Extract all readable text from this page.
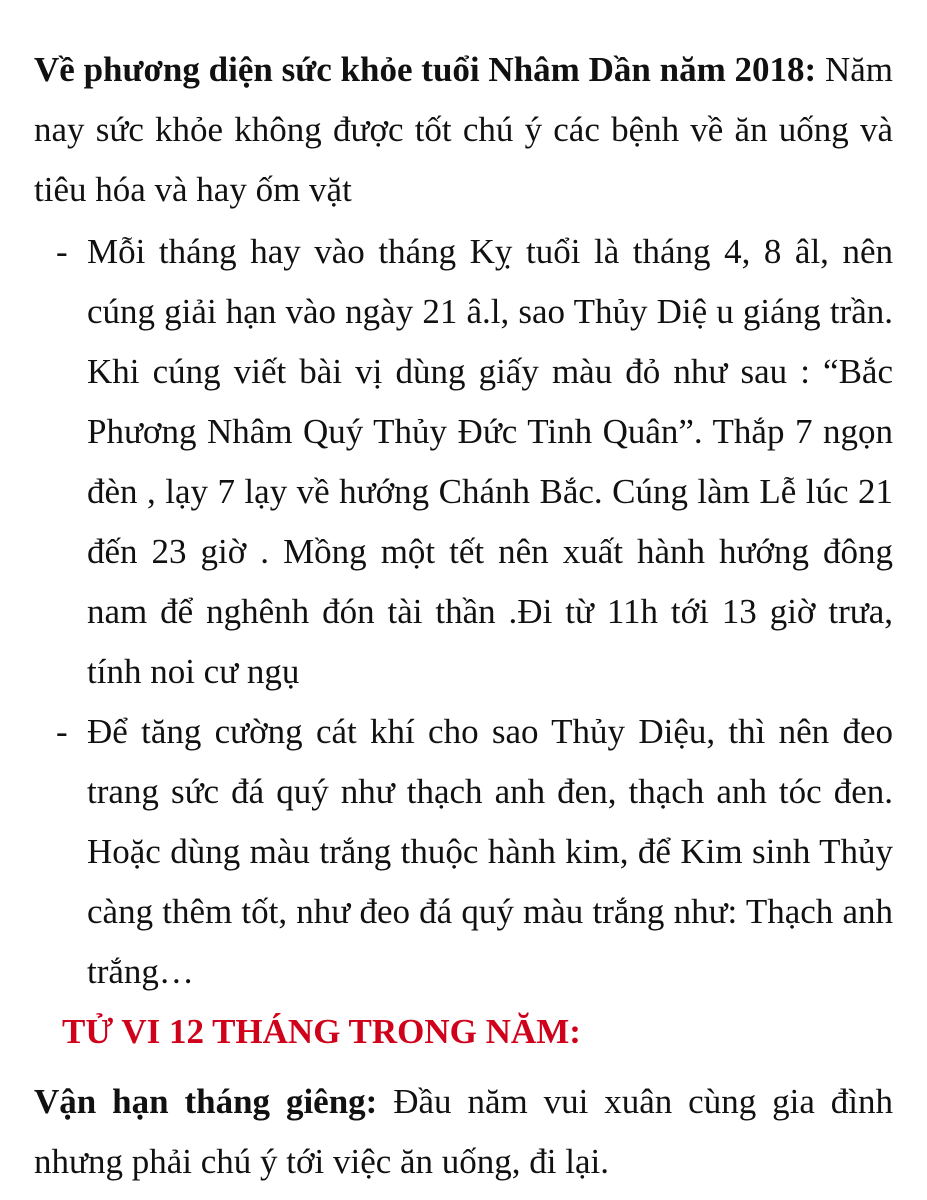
Về phương diện sức khỏe tuổi Nhâm Dần năm 2018: Năm nay sức khỏe không được tốt chú ý các bệnh về ăn uống và tiêu hóa và hay ốm vặt

- Mỗi tháng hay vào tháng Kỵ tuổi là tháng 4, 8 âl, nên cúng giải hạn vào ngày 21 â.l, sao Thủy Diệ u giáng trần. Khi cúng viết bài vị dùng giấy màu đỏ như sau : “Bắc Phương Nhâm Quý Thủy Đức Tinh Quân”. Thắp 7 ngọn đèn , lạy 7 lạy về hướng Chánh Bắc. Cúng làm Lễ lúc 21 đến 23 giờ . Mồng một tết nên xuất hành hướng đông nam để nghênh đón tài thần .Đi từ 11h tới 13 giờ trưa, tính noi cư ngụ
- Để tăng cường cát khí cho sao Thủy Diệu, thì nên đeo trang sức đá quý như thạch anh đen, thạch anh tóc đen. Hoặc dùng màu trắng thuộc hành kim, để Kim sinh Thủy càng thêm tốt, như đeo đá quý màu trắng như: Thạch anh trắng…

TỬ VI 12 THÁNG TRONG NĂM:

Vận hạn tháng giêng: Đầu năm vui xuân cùng gia đình nhưng phải chú ý tới việc ăn uống, đi lại.
